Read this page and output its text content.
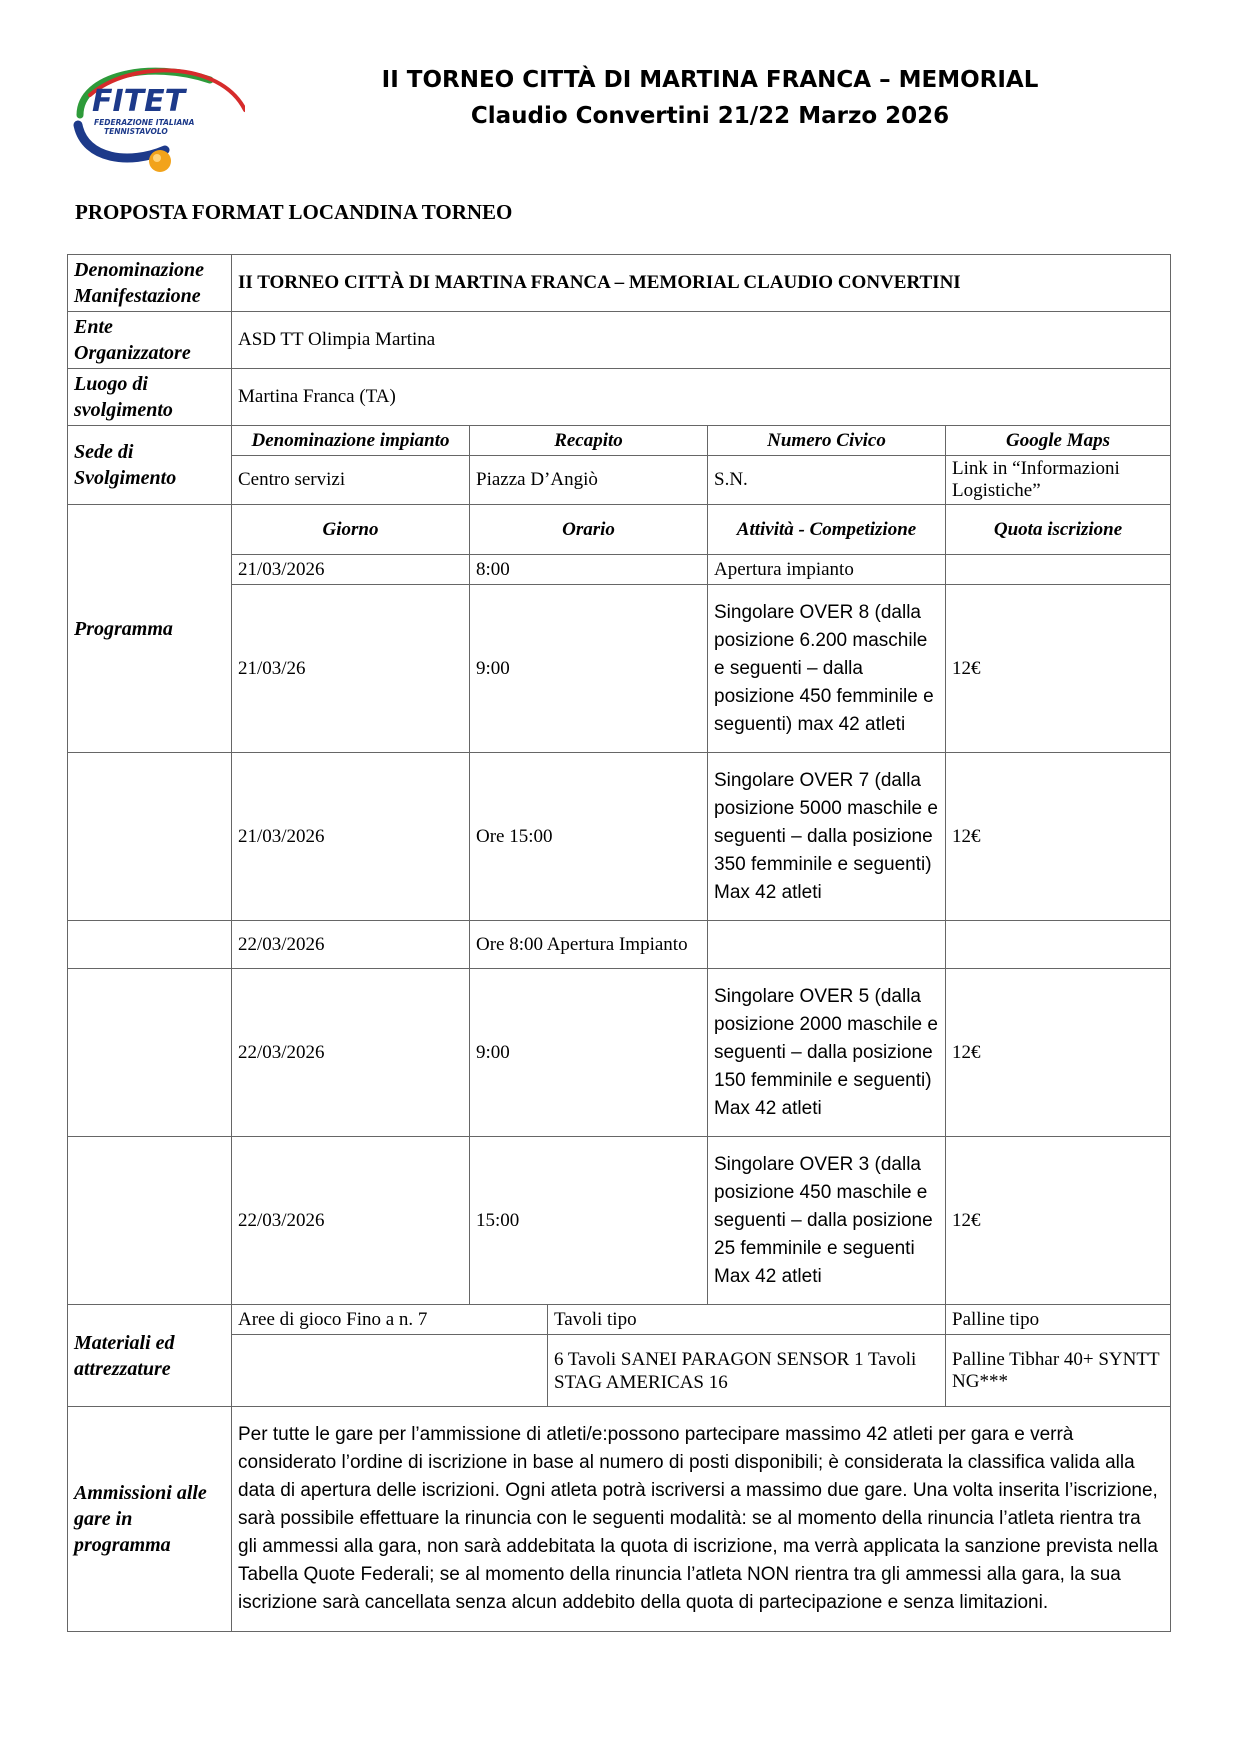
FITET
FEDERAZIONE ITALIANA
TENNISTAVOLO
II TORNEO CITTÀ DI MARTINA FRANCA – MEMORIAL
Claudio Convertini 21/22 Marzo 2026
PROPOSTA FORMAT LOCANDINA TORNEO
Denominazione Manifestazione	II TORNEO CITTÀ DI MARTINA FRANCA – MEMORIAL CLAUDIO CONVERTINI				
Ente Organizzatore	ASD TT Olimpia Martina				
Luogo di svolgimento	Martina Franca (TA)				
Sede di Svolgimento	Denominazione impianto	Recapito		Numero Civico	Google Maps
	Centro servizi	Piazza D’Angiò		S.N.	Link in “Informazioni Logistiche”
Programma	Giorno	Orario		Attività - Competizione	Quota iscrizione
	21/03/2026	8:00		Apertura impianto	
	21/03/26	9:00		Singolare OVER 8 (dalla posizione 6.200 maschile e seguenti – dalla posizione 450 femminile e seguenti) max 42 atleti	12€
	21/03/2026	Ore 15:00		Singolare OVER 7 (dalla posizione 5000 maschile e seguenti – dalla posizione 350 femminile e seguenti) Max 42 atleti	12€
	22/03/2026	Ore 8:00 Apertura Impianto			
	22/03/2026	9:00		Singolare OVER 5 (dalla posizione 2000 maschile e seguenti – dalla posizione 150 femminile e seguenti) Max 42 atleti	12€
	22/03/2026	15:00		Singolare OVER 3 (dalla posizione 450 maschile e seguenti – dalla posizione 25 femminile e seguenti Max 42 atleti	12€
Materiali ed attrezzature	Aree di gioco Fino a n. 7		Tavoli tipo		Palline tipo
			6 Tavoli SANEI PARAGON SENSOR 1 Tavoli STAG AMERICAS 16		Palline Tibhar 40+ SYNTT NG***
Ammissioni alle gare in programma	Per tutte le gare per l’ammissione di atleti/e:possono partecipare massimo 42 atleti per gara e verrà considerato l’ordine di iscrizione in base al numero di posti disponibili; è considerata la classifica valida alla data di apertura delle iscrizioni. Ogni atleta potrà iscriversi a massimo due gare. Una volta inserita l’iscrizione, sarà possibile effettuare la rinuncia con le seguenti modalità: se al momento della rinuncia l’atleta rientra tra gli ammessi alla gara, non sarà addebitata la quota di iscrizione, ma verrà applicata la sanzione prevista nella Tabella Quote Federali; se al momento della rinuncia l’atleta NON rientra tra gli ammessi alla gara, la sua iscrizione sarà cancellata senza alcun addebito della quota di partecipazione e senza limitazioni.				
